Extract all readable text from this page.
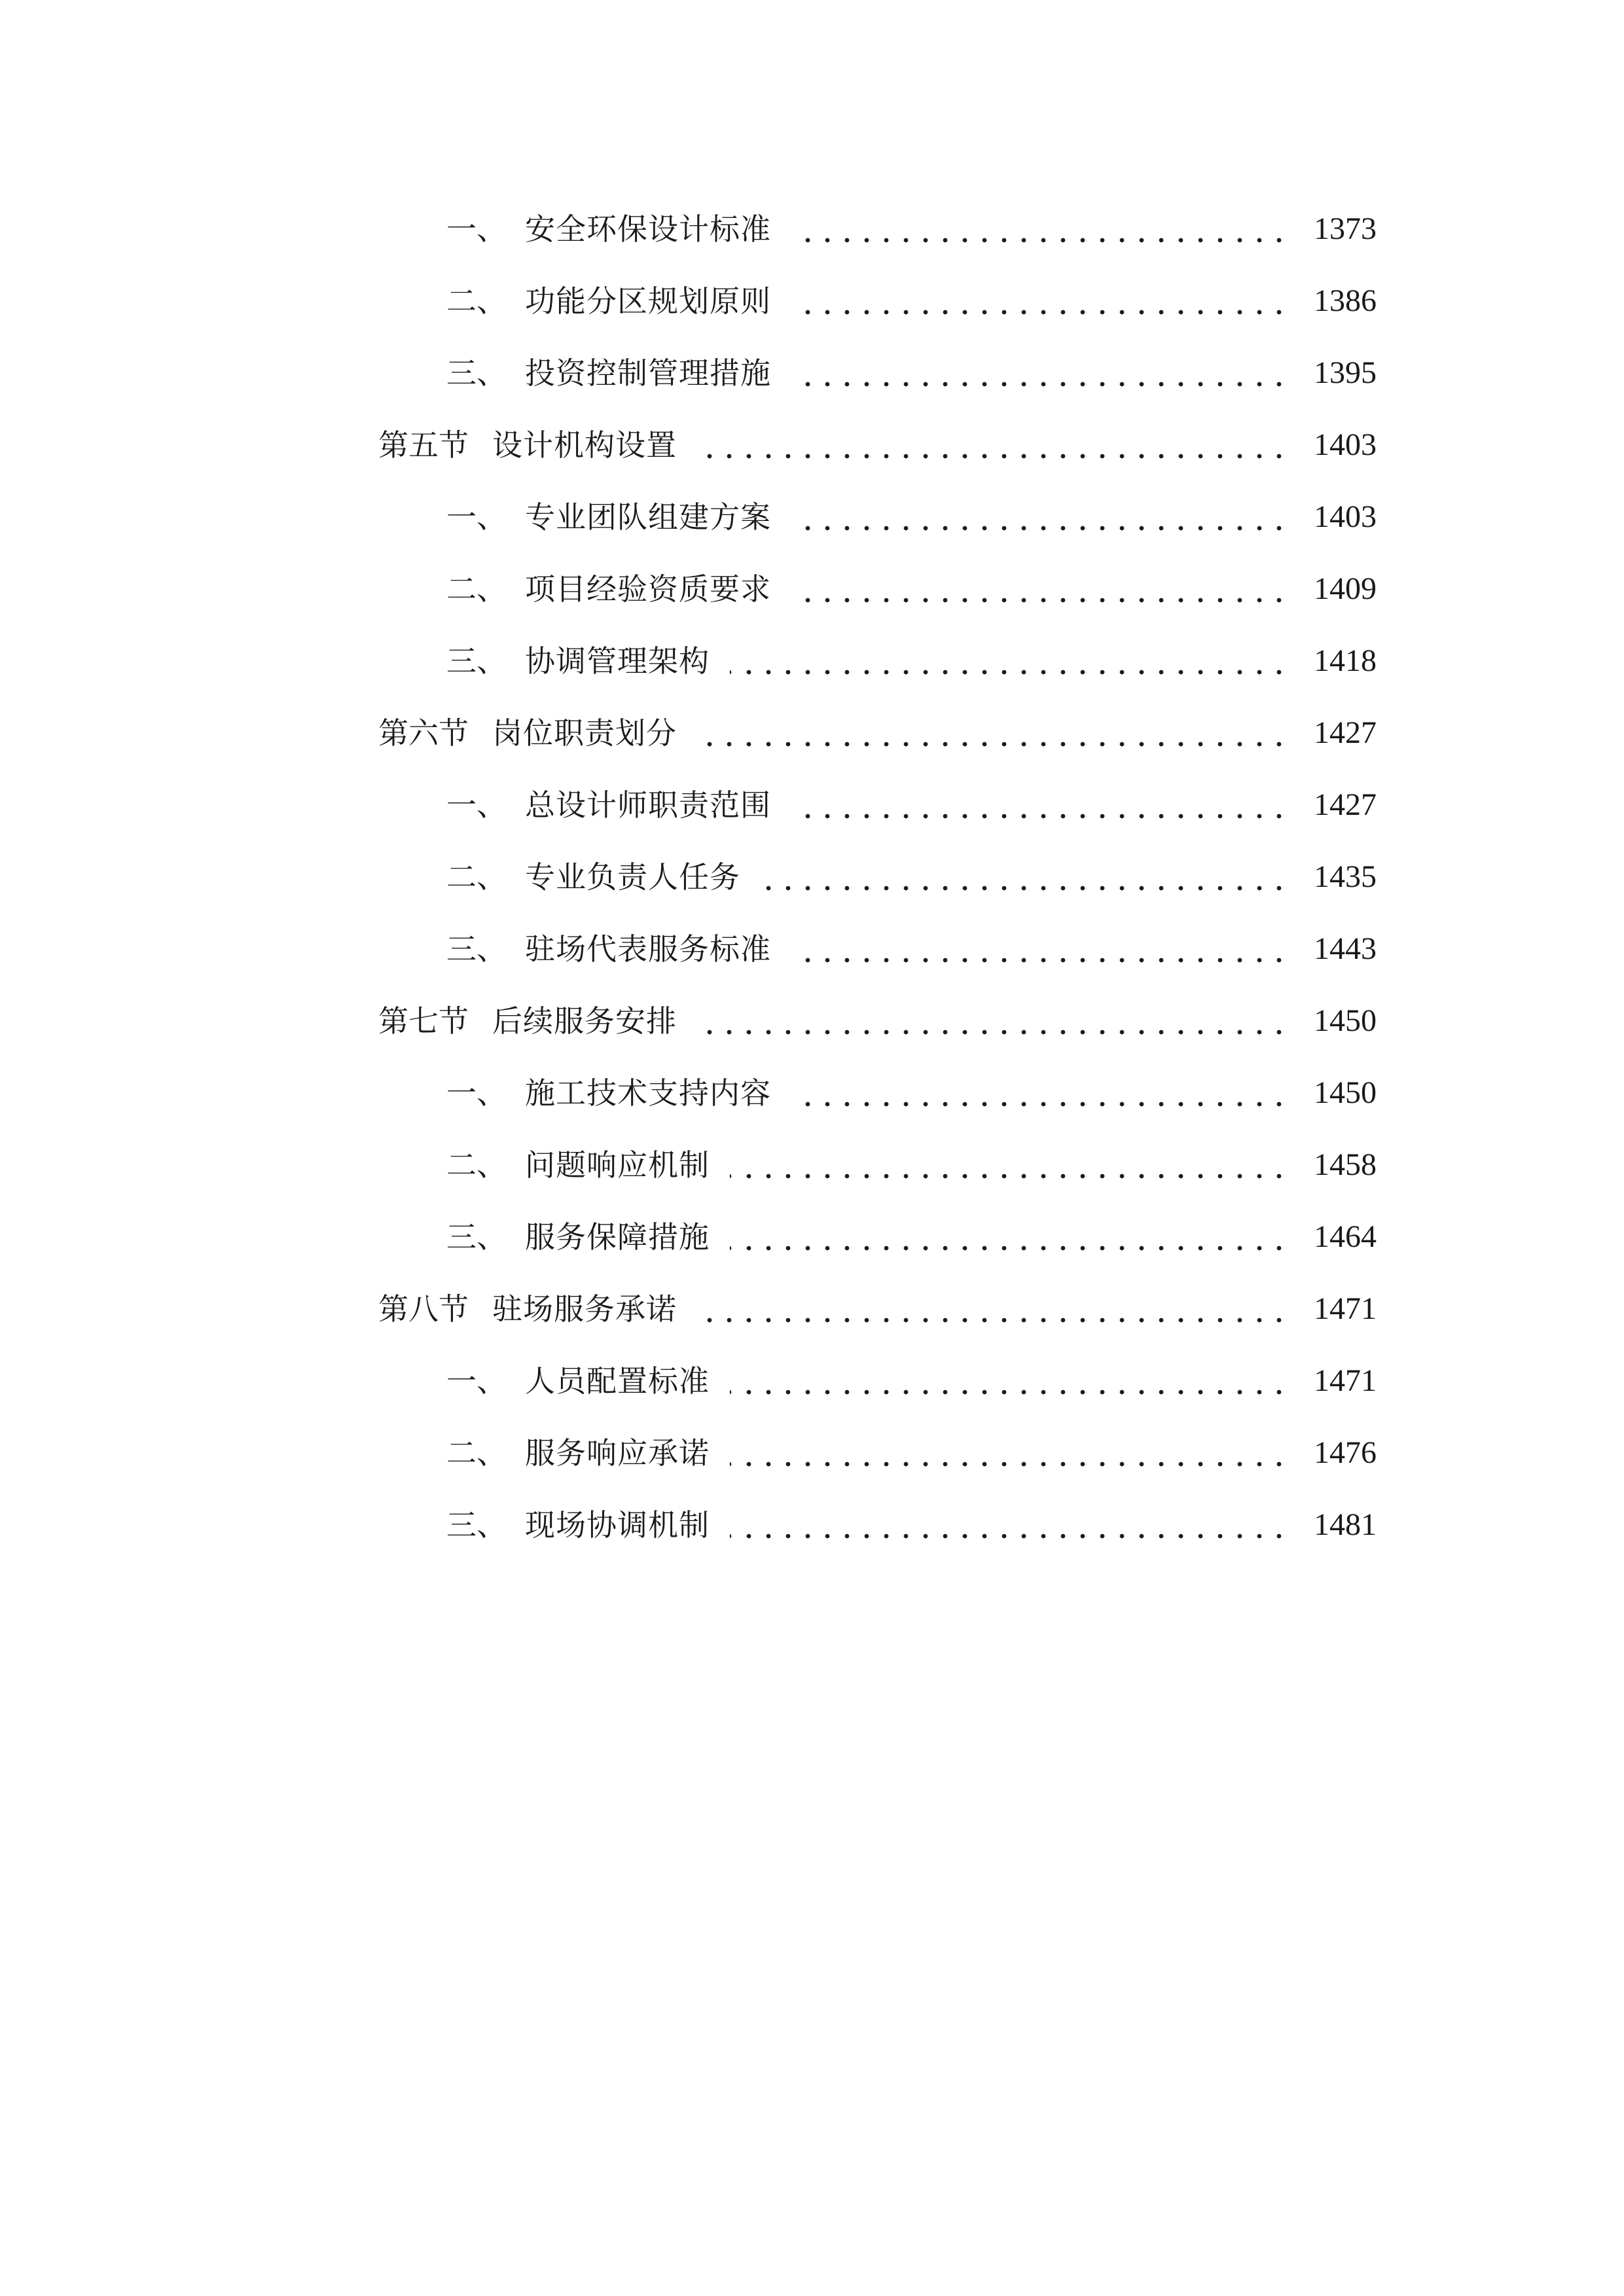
一、 安全环保设计标准	1373
二、 功能分区规划原则	1386
三、 投资控制管理措施	1395
第五节 设计机构设置	1403
一、 专业团队组建方案	1403
二、 项目经验资质要求	1409
三、 协调管理架构	1418
第六节 岗位职责划分	1427
一、 总设计师职责范围	1427
二、 专业负责人任务	1435
三、 驻场代表服务标准	1443
第七节 后续服务安排	1450
一、 施工技术支持内容	1450
二、 问题响应机制	1458
三、 服务保障措施	1464
第八节 驻场服务承诺	1471
一、 人员配置标准	1471
二、 服务响应承诺	1476
三、 现场协调机制	1481
